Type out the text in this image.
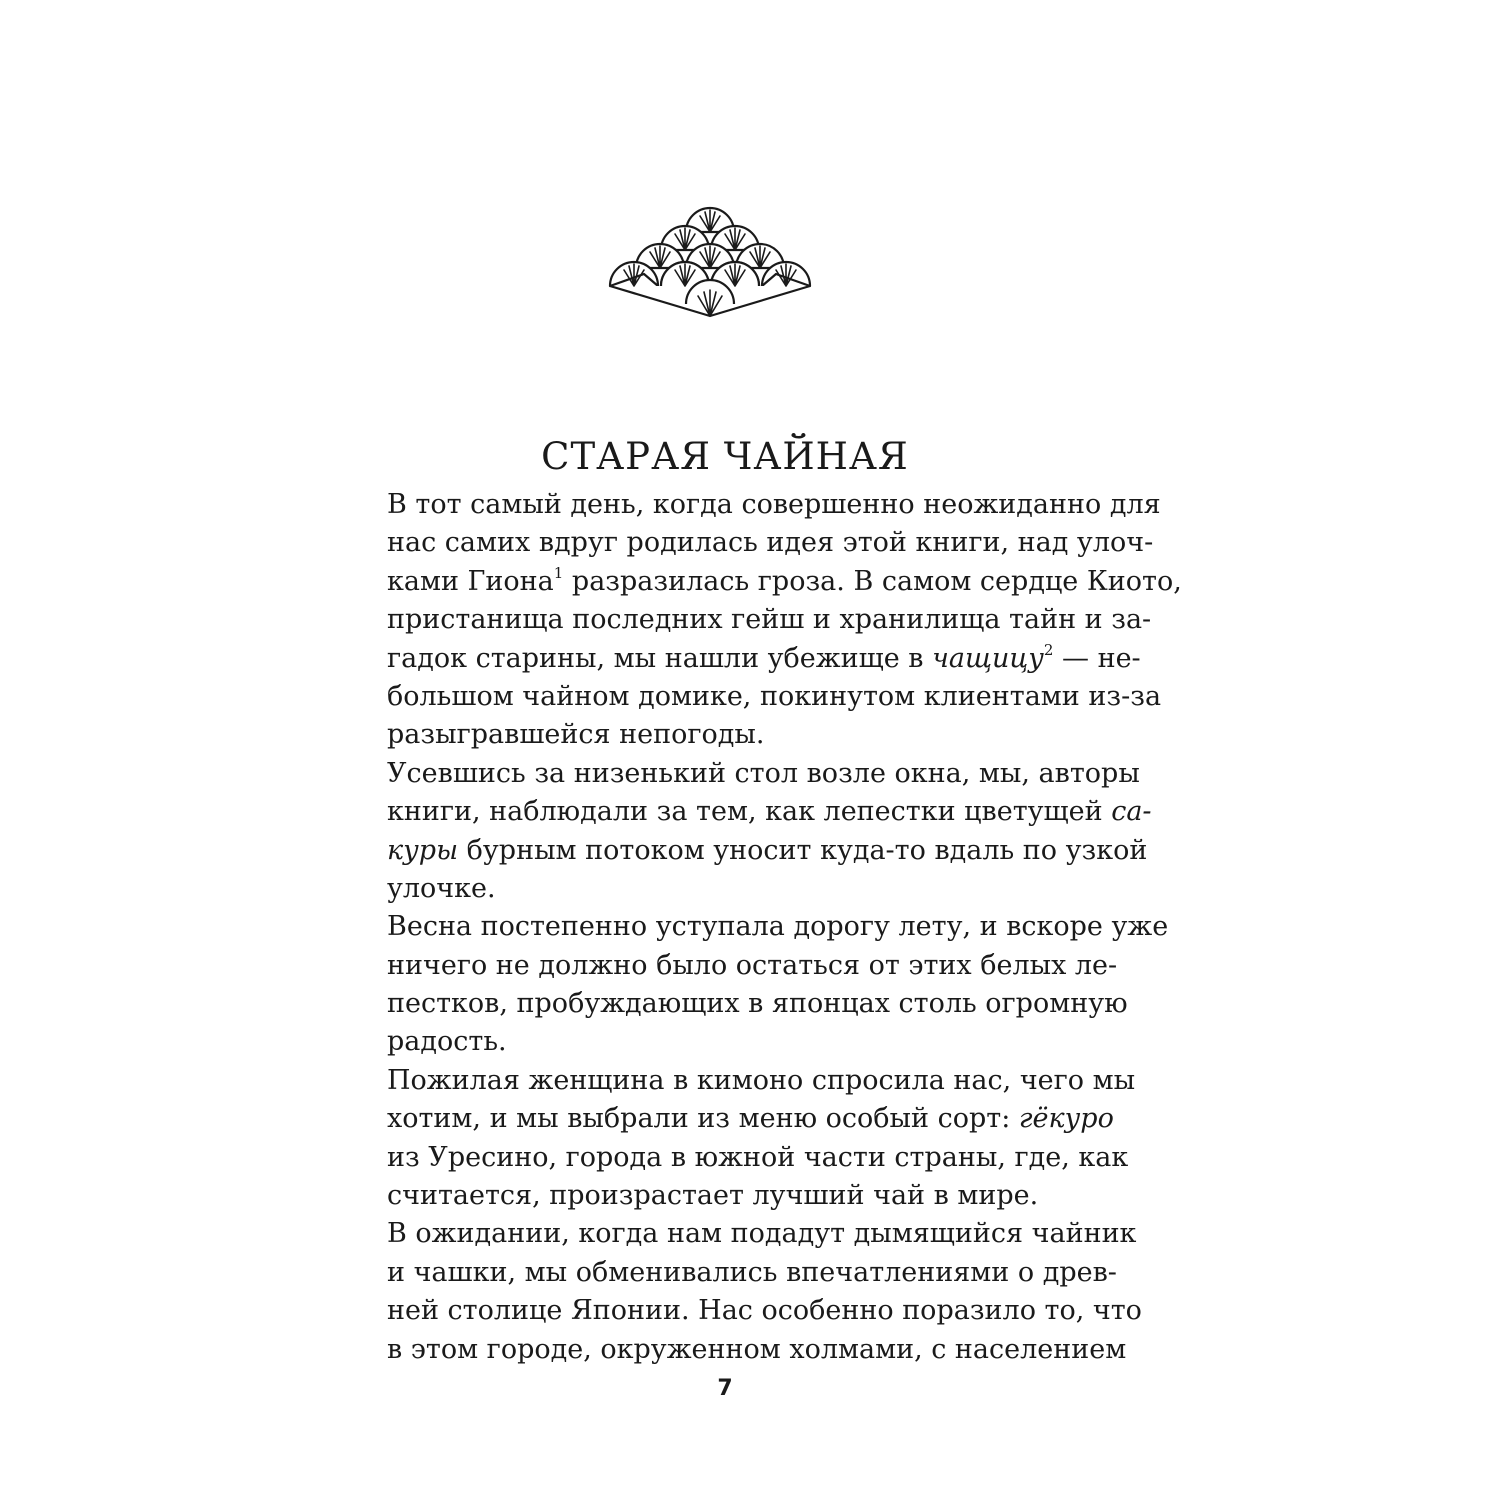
СТАРАЯ ЧАЙНАЯ
В тот самый день, когда совершенно неожиданно для
нас самих вдруг родилась идея этой книги, над улоч-
ками Гиона$^1$ разразилась гроза. В самом сердце Киото,
пристанища последних гейш и хранилища тайн и за-
гадок старины, мы нашли убежище в чащицу$^2$ — не-
большом чайном домике, покинутом клиентами из-за
разыгравшейся непогоды.
Усевшись за низенький стол возле окна, мы, авторы
книги, наблюдали за тем, как лепестки цветущей са-
куры бурным потоком уносит куда-то вдаль по узкой
улочке.
Весна постепенно уступала дорогу лету, и вскоре уже
ничего не должно было остаться от этих белых ле-
пестков, пробуждающих в японцах столь огромную
радость.
Пожилая женщина в кимоно спросила нас, чего мы
хотим, и мы выбрали из меню особый сорт: гёкуро
из Уресино, города в южной части страны, где, как
считается, произрастает лучший чай в мире.
В ожидании, когда нам подадут дымящийся чайник
и чашки, мы обменивались впечатлениями о древ-
ней столице Японии. Нас особенно поразило то, что
в этом городе, окруженном холмами, с населением
7
